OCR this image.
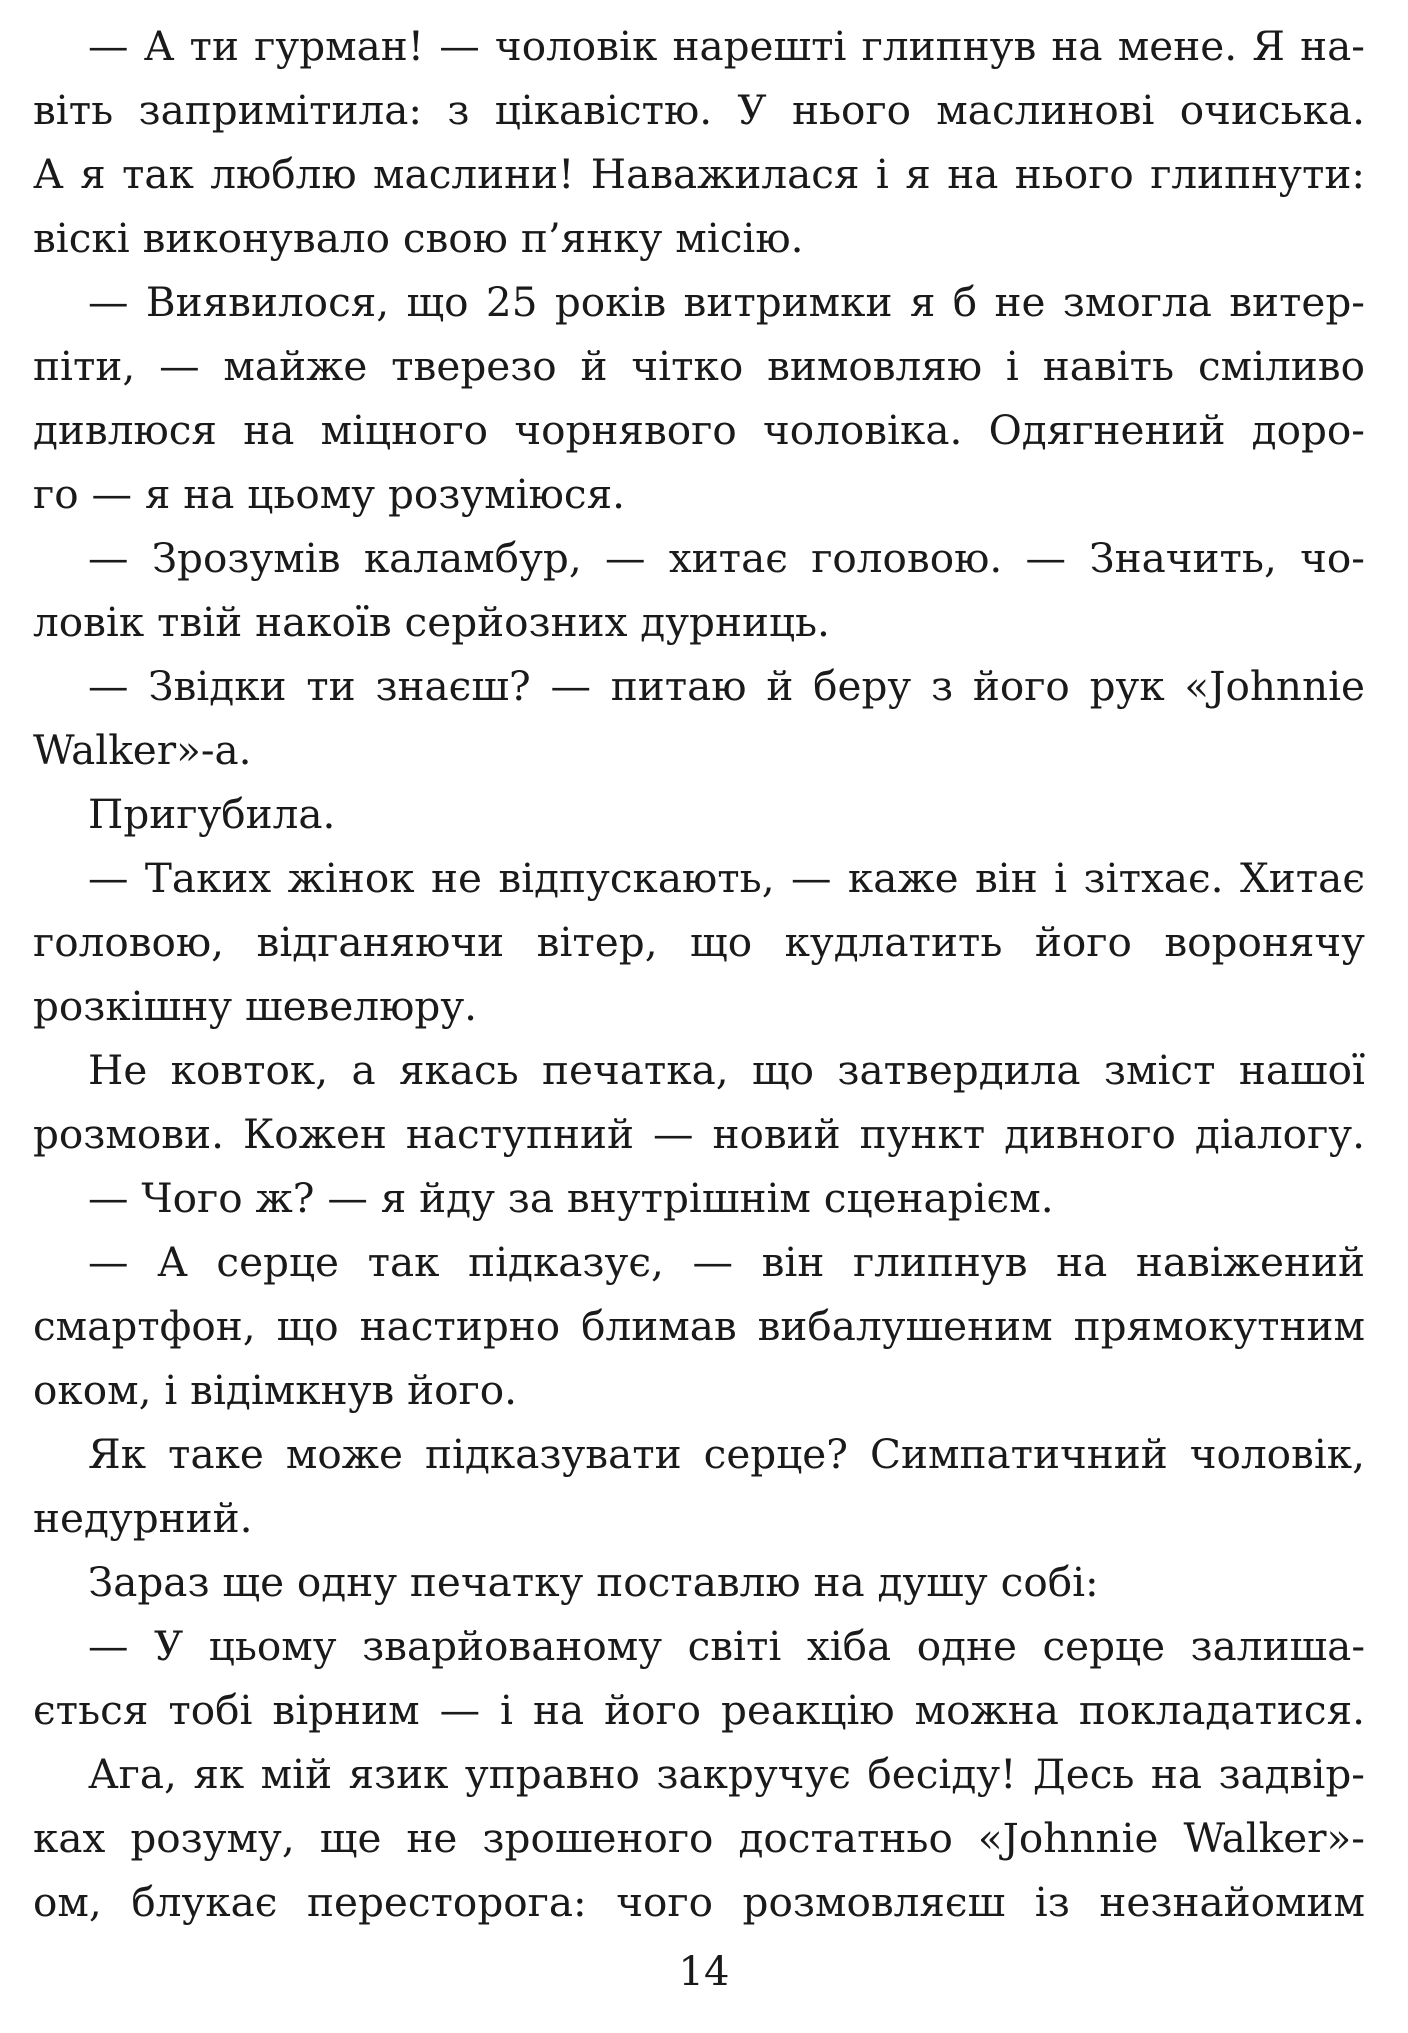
— А ти гурман! — чоловік нарешті глипнув на мене. Я на-
віть запримітила: з цікавістю. У нього маслинові очиська.
А я так люблю маслини! Наважилася і я на нього глипнути:
віскі виконувало свою п’янку місію.
— Виявилося, що 25 років витримки я б не змогла витер-
піти, — майже тверезо й чітко вимовляю і навіть сміливо
дивлюся на міцного чорнявого чоловіка. Одягнений доро-
го — я на цьому розуміюся.
— Зрозумів каламбур, — хитає головою. — Значить, чо-
ловік твій накоїв серйозних дурниць.
— Звідки ти знаєш? — питаю й беру з його рук «Johnnie
Walker»-а.
Пригубила.
— Таких жінок не відпускають, — каже він і зітхає. Хитає
головою, відганяючи вітер, що кудлатить його воронячу
розкішну шевелюру.
Не ковток, а якась печатка, що затвердила зміст нашої
розмови. Кожен наступний — новий пункт дивного діалогу.
— Чого ж? — я йду за внутрішнім сценарієм.
— А серце так підказує, — він глипнув на навіжений
смартфон, що настирно блимав вибалушеним прямокутним
оком, і відімкнув його.
Як таке може підказувати серце? Симпатичний чоловік,
недурний.
Зараз ще одну печатку поставлю на душу собі:
— У цьому зварйованому світі хіба одне серце залиша-
ється тобі вірним — і на його реакцію можна покладатися.
Ага, як мій язик управно закручує бесіду! Десь на задвір-
ках розуму, ще не зрошеного достатньо «Johnnie Walker»-
ом, блукає пересторога: чого розмовляєш із незнайомим
14
